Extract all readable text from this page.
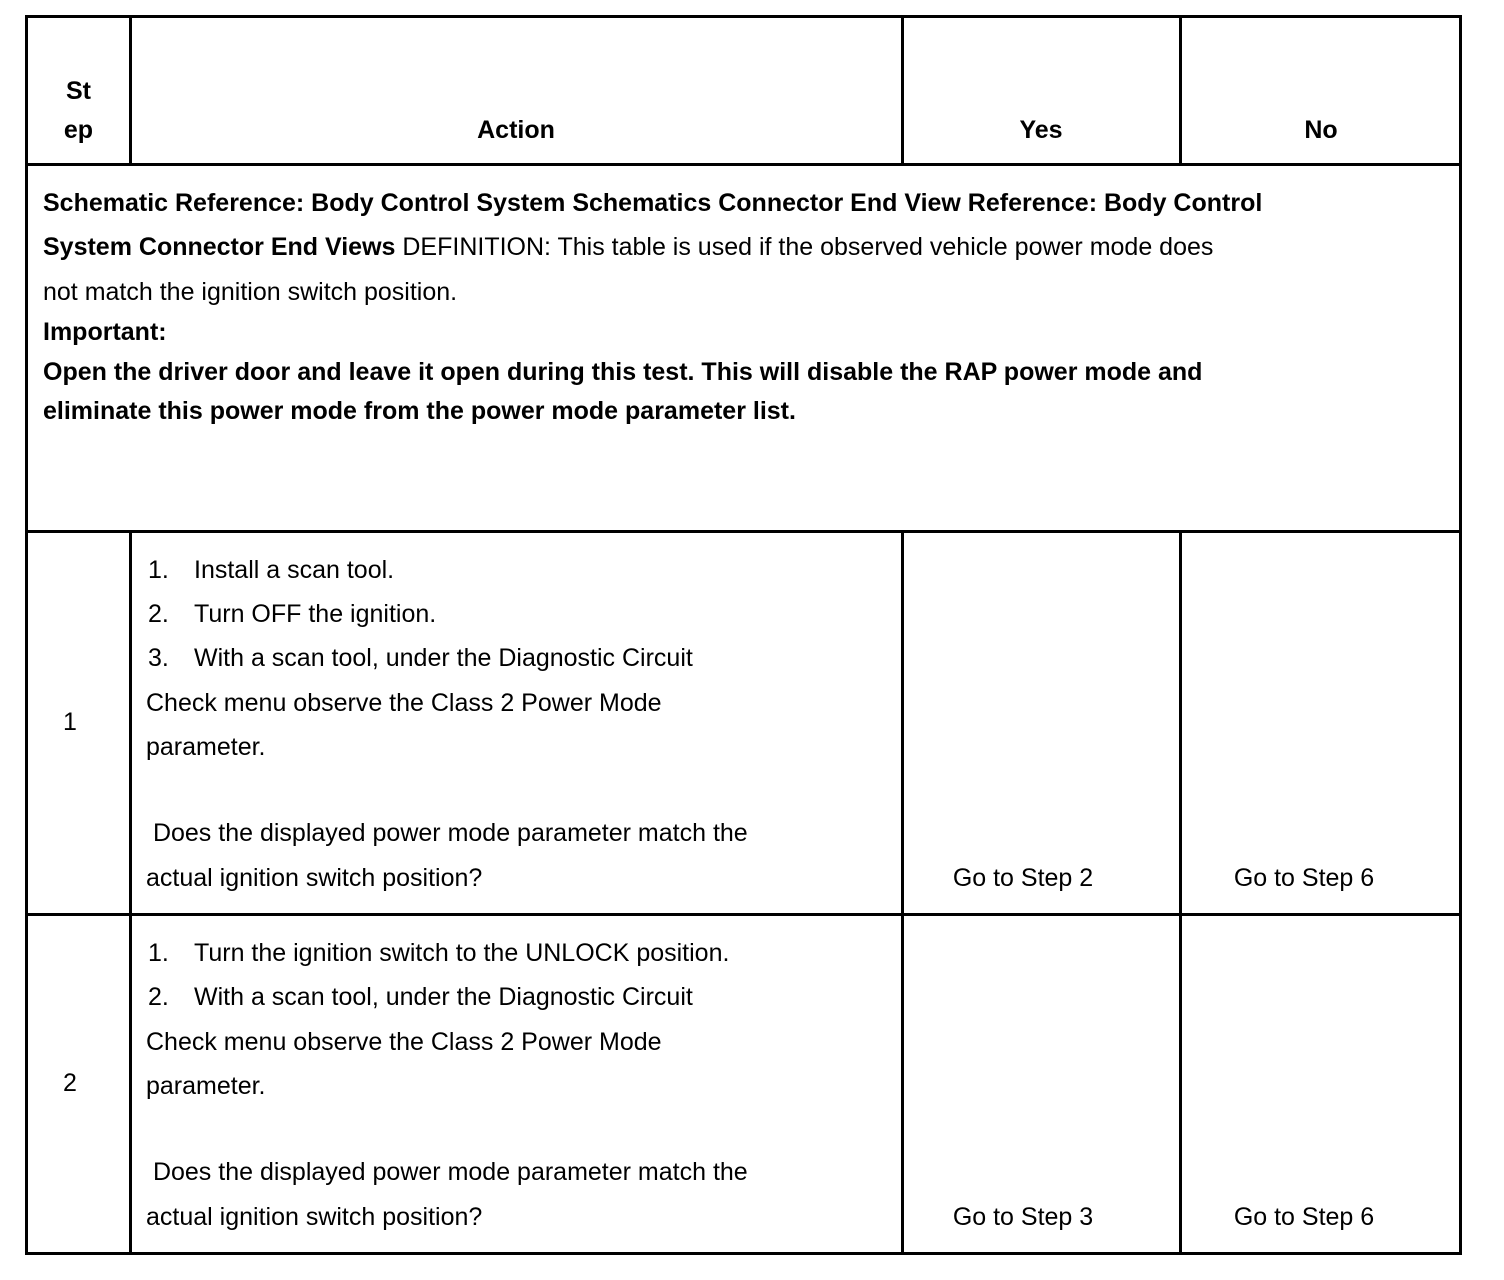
St
ep	Action	Yes	No
Schematic Reference: Body Control System Schematics Connector End View Reference: Body Control
System Connector End Views DEFINITION: This table is used if the observed vehicle power mode does
not match the ignition switch position.
Important:
Open the driver door and leave it open during this test. This will disable the RAP power mode and
eliminate this power mode from the power mode parameter list.
1
1. Install a scan tool.
2. Turn OFF the ignition.
3. With a scan tool, under the Diagnostic Circuit
Check menu observe the Class 2 Power Mode
parameter.
Does the displayed power mode parameter match the
actual ignition switch position?	Go to Step 2	Go to Step 6
2
1. Turn the ignition switch to the UNLOCK position.
2. With a scan tool, under the Diagnostic Circuit
Check menu observe the Class 2 Power Mode
parameter.
Does the displayed power mode parameter match the
actual ignition switch position?	Go to Step 3	Go to Step 6
